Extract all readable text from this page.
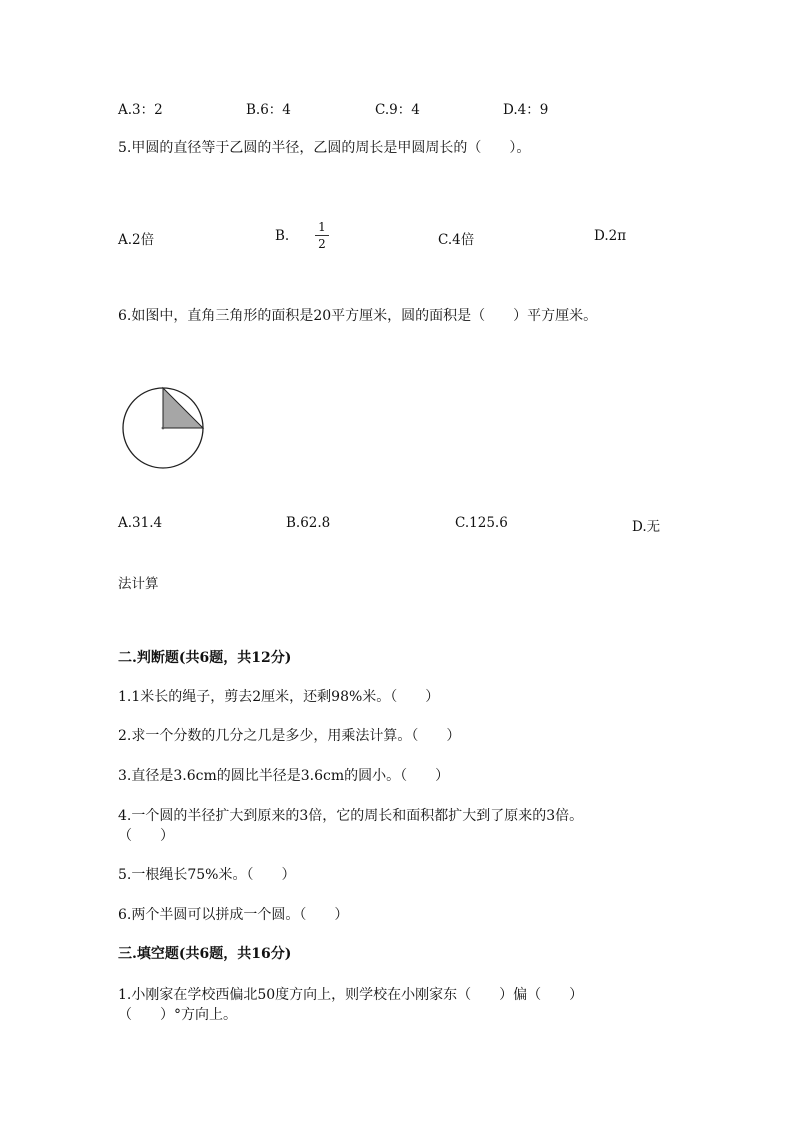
A.3：2	B.6：4	C.9：4	D.4：9
5.甲圆的直径等于乙圆的半径，乙圆的周长是甲圆周长的（　　）。
A.2倍	B.
1
2	C.4倍	D.2π
6.如图中，直角三角形的面积是20平方厘米，圆的面积是（　　）平方厘米。
A.31.4	B.62.8	C.125.6	D.无
法计算
二.判断题(共6题，共12分)
1.1米长的绳子，剪去2厘米，还剩98%米。（　　）
2.求一个分数的几分之几是多少，用乘法计算。（　　）
3.直径是3.6cm的圆比半径是3.6cm的圆小。（　　）
4.一个圆的半径扩大到原来的3倍，它的周长和面积都扩大到了原来的3倍。
（　　）
5.一根绳长75%米。（　　）
6.两个半圆可以拼成一个圆。（　　）
三.填空题(共6题，共16分)
1.小刚家在学校西偏北50度方向上，则学校在小刚家东（　　）偏（　　）
（　　）°方向上。
